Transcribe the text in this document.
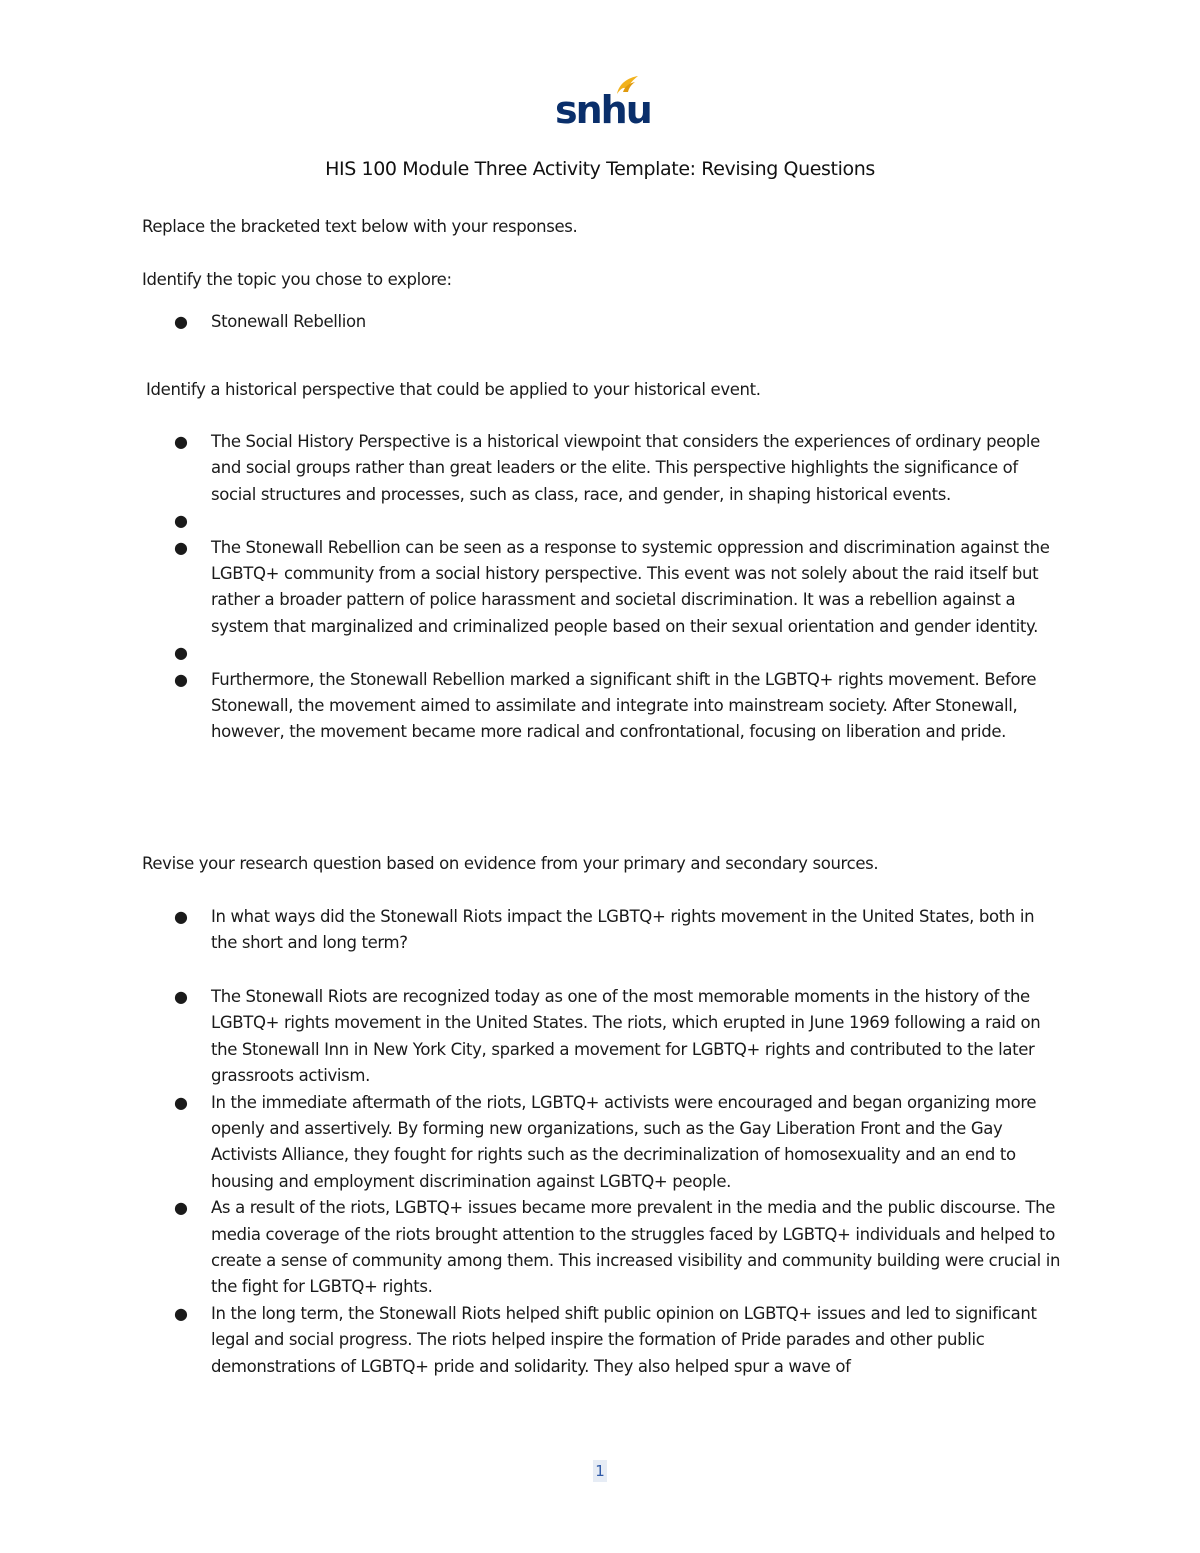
snhu
HIS 100 Module Three Activity Template: Revising Questions

Replace the bracketed text below with your responses.

Identify the topic you chose to explore:

● Stonewall Rebellion

Identify a historical perspective that could be applied to your historical event.

● The Social History Perspective is a historical viewpoint that considers the experiences of ordinary people and social groups rather than great leaders or the elite. This perspective highlights the significance of social structures and processes, such as class, race, and gender, in shaping historical events.
●

● The Stonewall Rebellion can be seen as a response to systemic oppression and discrimination against the LGBTQ+ community from a social history perspective. This event was not solely about the raid itself but rather a broader pattern of police harassment and societal discrimination. It was a rebellion against a system that marginalized and criminalized people based on their sexual orientation and gender identity.
●

● Furthermore, the Stonewall Rebellion marked a significant shift in the LGBTQ+ rights movement. Before Stonewall, the movement aimed to assimilate and integrate into mainstream society. After Stonewall, however, the movement became more radical and confrontational, focusing on liberation and pride.

Revise your research question based on evidence from your primary and secondary sources.

● In what ways did the Stonewall Riots impact the LGBTQ+ rights movement in the United States, both in the short and long term?
● The Stonewall Riots are recognized today as one of the most memorable moments in the history of the LGBTQ+ rights movement in the United States. The riots, which erupted in June 1969 following a raid on the Stonewall Inn in New York City, sparked a movement for LGBTQ+ rights and contributed to the later grassroots activism.
● In the immediate aftermath of the riots, LGBTQ+ activists were encouraged and began organizing more openly and assertively. By forming new organizations, such as the Gay Liberation Front and the Gay Activists Alliance, they fought for rights such as the decriminalization of homosexuality and an end to housing and employment discrimination against LGBTQ+ people.
● As a result of the riots, LGBTQ+ issues became more prevalent in the media and the public discourse. The media coverage of the riots brought attention to the struggles faced by LGBTQ+ individuals and helped to create a sense of community among them. This increased visibility and community building were crucial in the fight for LGBTQ+ rights.
● In the long term, the Stonewall Riots helped shift public opinion on LGBTQ+ issues and led to significant legal and social progress. The riots helped inspire the formation of Pride parades and other public demonstrations of LGBTQ+ pride and solidarity. They also helped spur a wave of
1
